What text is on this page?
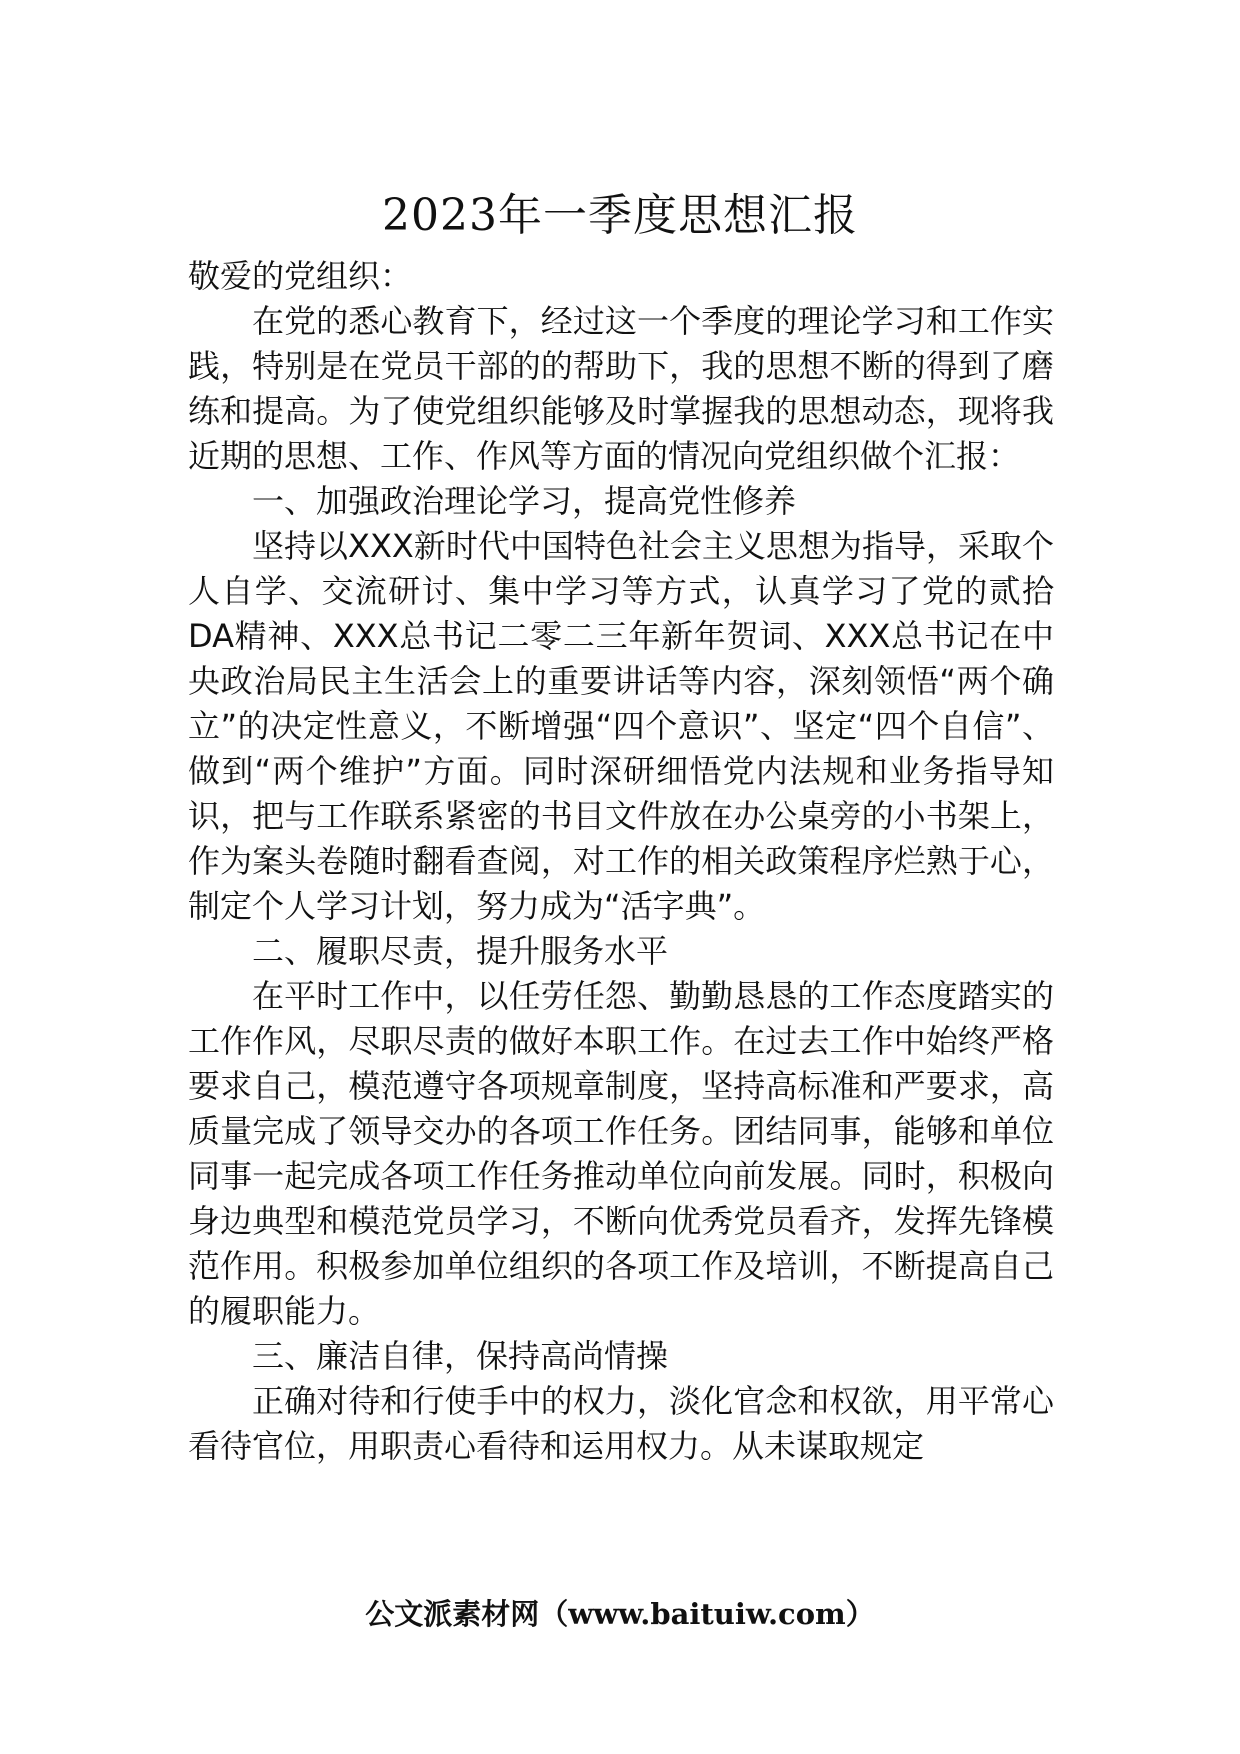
2023年一季度思想汇报

敬爱的党组织：

在党的悉心教育下，经过这一个季度的理论学习和工作实践，特别是在党员干部的的帮助下，我的思想不断的得到了磨练和提高。为了使党组织能够及时掌握我的思想动态，现将我近期的思想、工作、作风等方面的情况向党组织做个汇报：

一、加强政治理论学习，提高党性修养

坚持以XXX新时代中国特色社会主义思想为指导，采取个人自学、交流研讨、集中学习等方式，认真学习了党的贰拾DA精神、XXX总书记二零二三年新年贺词、XXX总书记在中央政治局民主生活会上的重要讲话等内容，深刻领悟“两个确立”的决定性意义，不断增强“四个意识”、坚定“四个自信”、做到“两个维护”方面。同时深研细悟党内法规和业务指导知识，把与工作联系紧密的书目文件放在办公桌旁的小书架上，作为案头卷随时翻看查阅，对工作的相关政策程序烂熟于心，制定个人学习计划，努力成为“活字典”。

二、履职尽责，提升服务水平

在平时工作中，以任劳任怨、勤勤恳恳的工作态度踏实的工作作风，尽职尽责的做好本职工作。在过去工作中始终严格要求自己，模范遵守各项规章制度，坚持高标准和严要求，高质量完成了领导交办的各项工作任务。团结同事，能够和单位同事一起完成各项工作任务推动单位向前发展。同时，积极向身边典型和模范党员学习，不断向优秀党员看齐，发挥先锋模范作用。积极参加单位组织的各项工作及培训，不断提高自己的履职能力。

三、廉洁自律，保持高尚情操

正确对待和行使手中的权力，淡化官念和权欲，用平常心看待官位，用职责心看待和运用权力。从未谋取规定

公文派素材网（www.baituiw.com）
